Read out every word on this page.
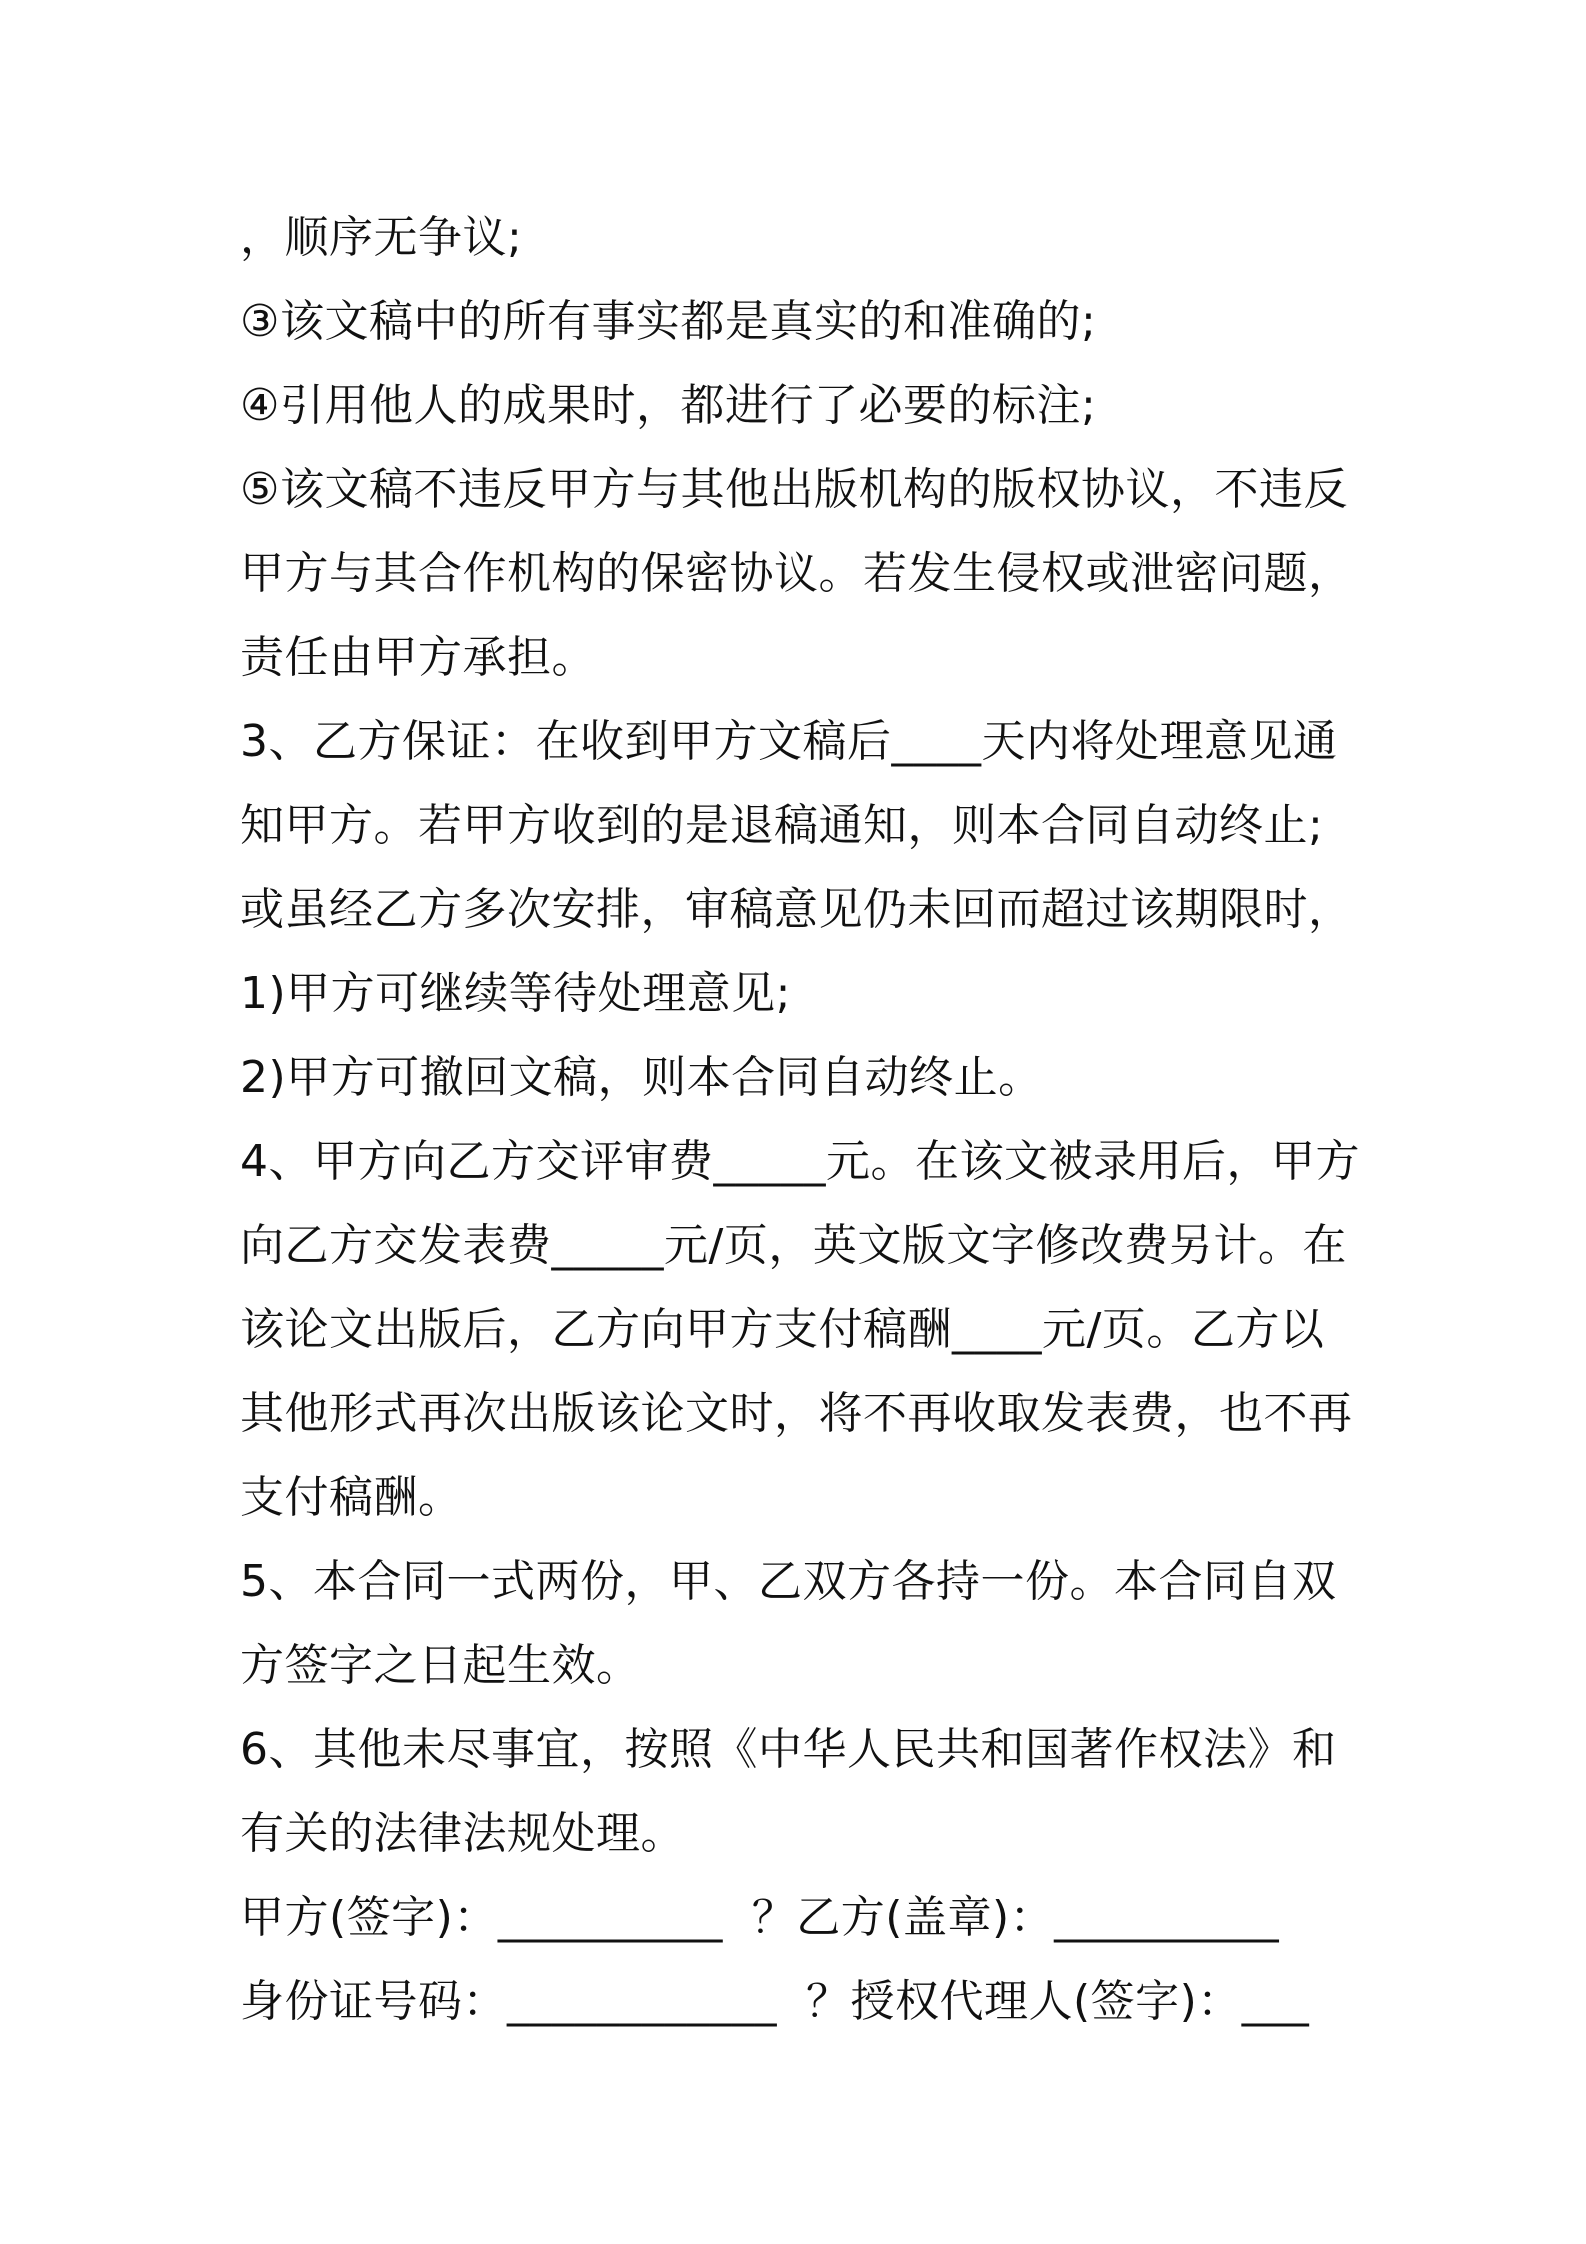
，顺序无争议;

③该文稿中的所有事实都是真实的和准确的;

④引用他人的成果时，都进行了必要的标注;

⑤该文稿不违反甲方与其他出版机构的版权协议，不违反甲方与其合作机构的保密协议。若发生侵权或泄密问题，责任由甲方承担。

3、乙方保证：在收到甲方文稿后____天内将处理意见通知甲方。若甲方收到的是退稿通知，则本合同自动终止;或虽经乙方多次安排，审稿意见仍未回而超过该期限时，

1)甲方可继续等待处理意见;

2)甲方可撤回文稿，则本合同自动终止。

4、甲方向乙方交评审费_____元。在该文被录用后，甲方向乙方交发表费_____元/页，英文版文字修改费另计。在该论文出版后，乙方向甲方支付稿酬____元/页。乙方以其他形式再次出版该论文时，将不再收取发表费，也不再支付稿酬。

5、本合同一式两份，甲、乙双方各持一份。本合同自双方签字之日起生效。

6、其他未尽事宜，按照《中华人民共和国著作权法》和有关的法律法规处理。

甲方(签字)：__________  ？乙方(盖章)：__________

身份证号码：____________  ？授权代理人(签字)：___
